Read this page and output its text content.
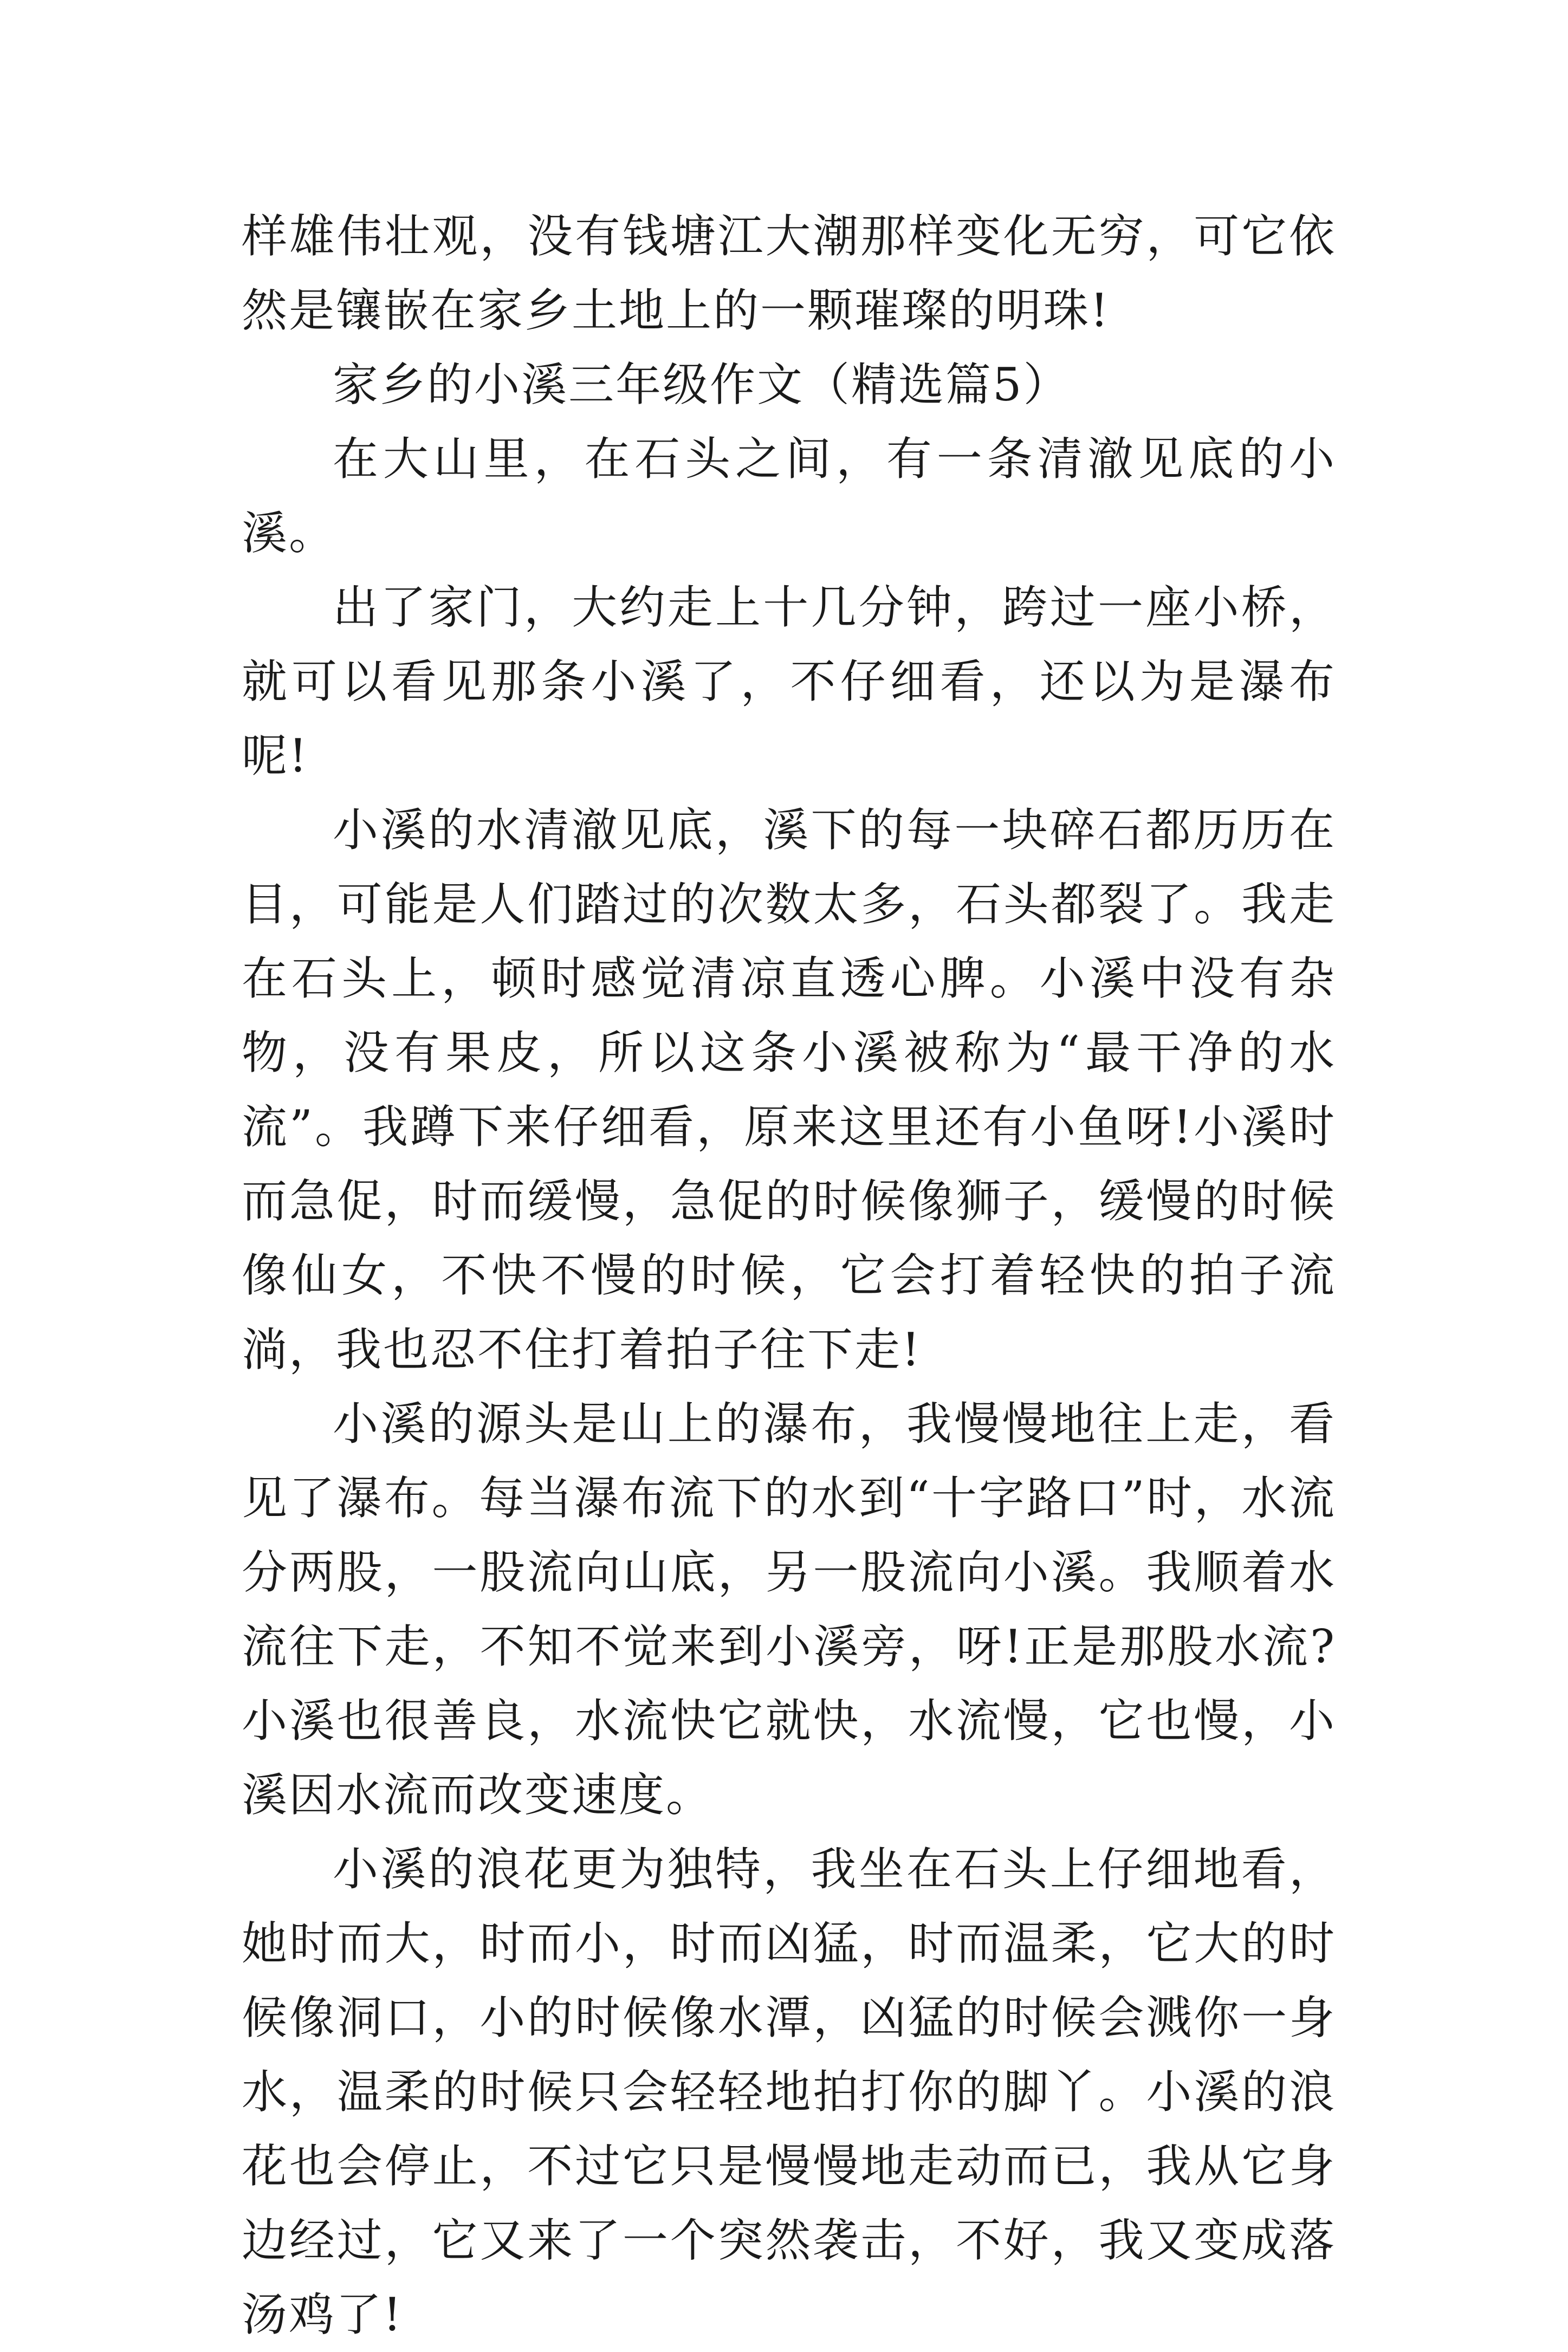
样雄伟壮观，没有钱塘江大潮那样变化无穷，可它依然是镶嵌在家乡土地上的一颗璀璨的明珠!

家乡的小溪三年级作文（精选篇5）

在大山里，在石头之间，有一条清澈见底的小溪。

出了家门，大约走上十几分钟，跨过一座小桥，就可以看见那条小溪了，不仔细看，还以为是瀑布呢!

小溪的水清澈见底，溪下的每一块碎石都历历在目，可能是人们踏过的次数太多，石头都裂了。我走在石头上，顿时感觉清凉直透心脾。小溪中没有杂物，没有果皮，所以这条小溪被称为“最干净的水流”。我蹲下来仔细看，原来这里还有小鱼呀!小溪时而急促，时而缓慢，急促的时候像狮子，缓慢的时候像仙女，不快不慢的时候，它会打着轻快的拍子流淌，我也忍不住打着拍子往下走!

小溪的源头是山上的瀑布，我慢慢地往上走，看见了瀑布。每当瀑布流下的水到“十字路口”时，水流分两股，一股流向山底，另一股流向小溪。我顺着水流往下走，不知不觉来到小溪旁，呀!正是那股水流?小溪也很善良，水流快它就快，水流慢，它也慢，小溪因水流而改变速度。

小溪的浪花更为独特，我坐在石头上仔细地看，她时而大，时而小，时而凶猛，时而温柔，它大的时候像洞口，小的时候像水潭，凶猛的时候会溅你一身水，温柔的时候只会轻轻地拍打你的脚丫。小溪的浪花也会停止，不过它只是慢慢地走动而已，我从它身边经过，它又来了一个突然袭击，不好，我又变成落汤鸡了!
